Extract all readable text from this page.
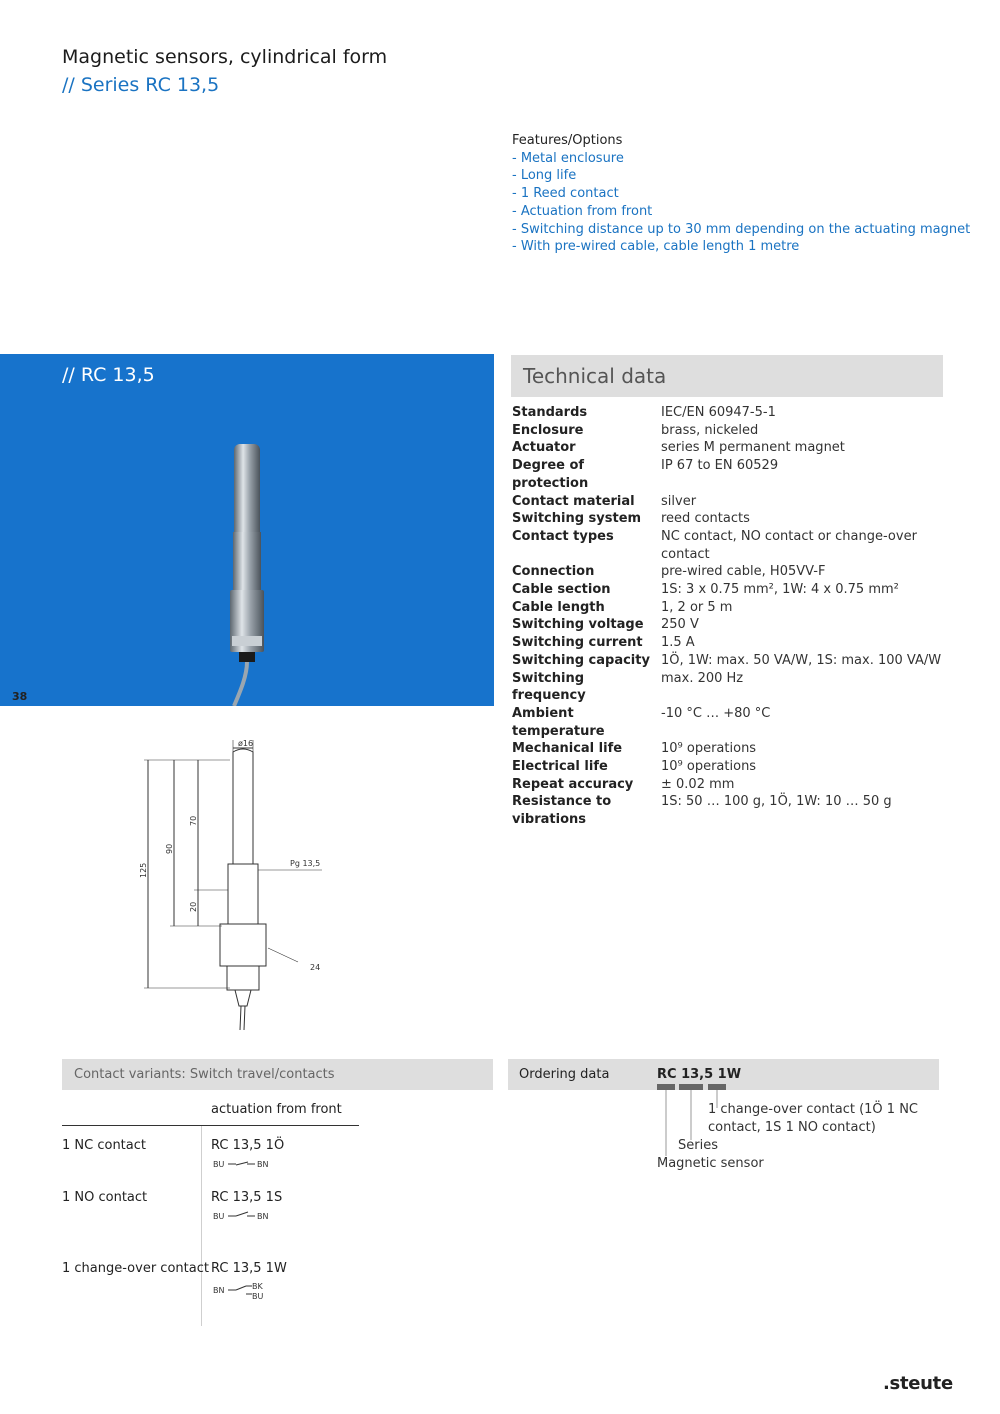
Magnetic sensors, cylindrical form
// Series RC 13,5
Features/Options
- Metal enclosure
- Long life
- 1 Reed contact
- Actuation from front
- Switching distance up to 30 mm depending on the actuating magnet
- With pre-wired cable, cable length 1 metre
// RC 13,5
38
ø16
Pg 13,5
24
125
90
70
20
Technical data
Standards	IEC/EN 60947-5-1
Enclosure	brass, nickeled
Actuator	series M permanent magnet
Degree of protection	IP 67 to EN 60529
Contact material	silver
Switching system	reed contacts
Contact types	NC contact, NO contact or change-over contact
Connection	pre-wired cable, H05VV-F
Cable section	1S: 3 x 0.75 mm², 1W: 4 x 0.75 mm²
Cable length	1, 2 or 5 m
Switching voltage	250 V
Switching current	1.5 A
Switching capacity	1Ö, 1W: max. 50 VA/W, 1S: max. 100 VA/W
Switching frequency	max. 200 Hz
Ambient temperature	-10 °C … +80 °C
Mechanical life	10⁹ operations
Electrical life	10⁹ operations
Repeat accuracy	± 0.02 mm
Resistance to vibrations	1S: 50 … 100 g, 1Ö, 1W: 10 … 50 g
Contact variants: Switch travel/contacts
actuation from front
1 NC contact	RC 13,5 1Ö
BU	BN
1 NO contact	RC 13,5 1S
BU	BN
1 change-over contact RC 13,5 1W
BN	BK
BU
Ordering data	RC 13,5 1W
1 change-over contact (1Ö 1 NC
contact, 1S 1 NO contact)
Series
Magnetic sensor
.steute
